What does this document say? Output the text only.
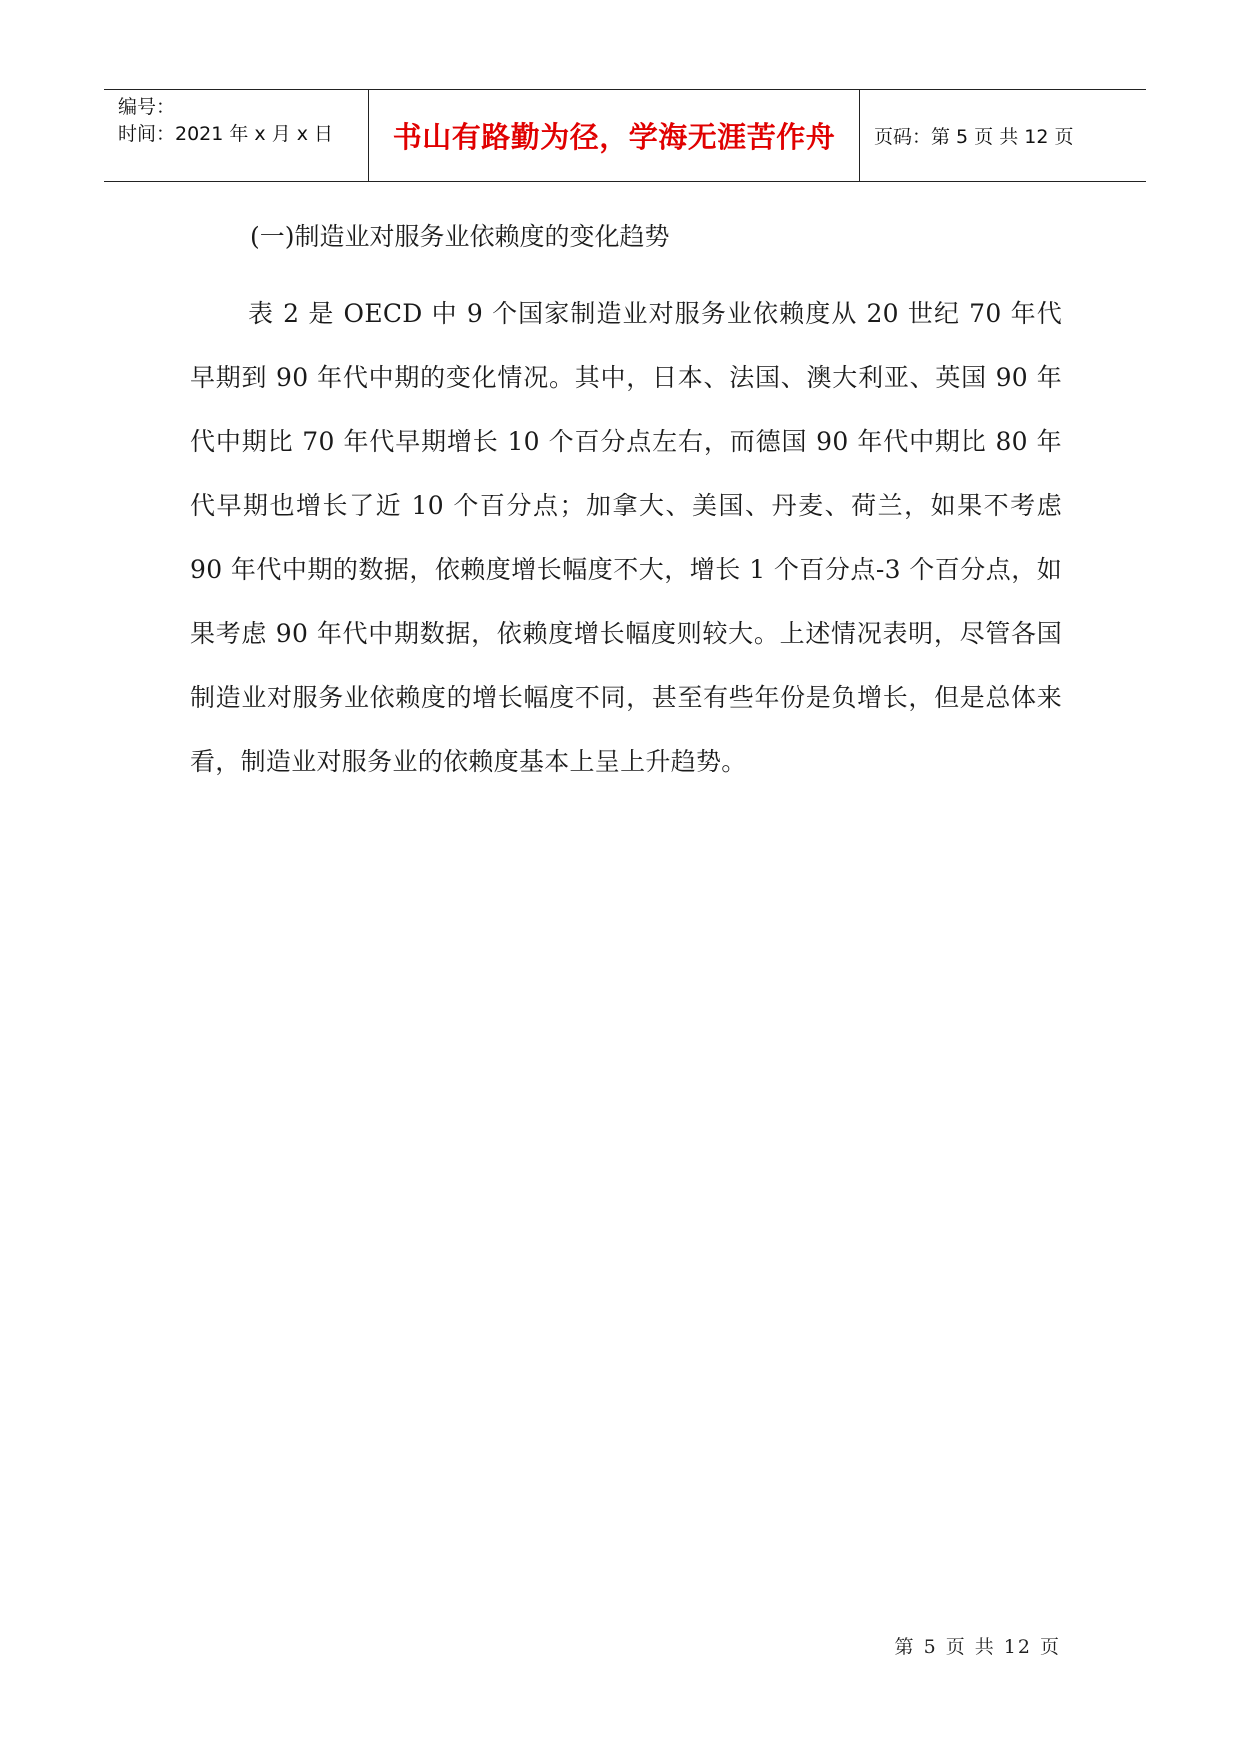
编号：
时间：2021 年 x 月 x 日	书山有路勤为径，学海无涯苦作舟 页码：第 5 页 共 12 页
(一)制造业对服务业依赖度的变化趋势

表 2 是 OECD 中 9 个国家制造业对服务业依赖度从 20 世纪 70 年代早期到 90 年代中期的变化情况。其中，日本、法国、澳大利亚、英国 90 年代中期比 70 年代早期增长 10 个百分点左右，而德国 90 年代中期比 80 年代早期也增长了近 10 个百分点；加拿大、美国、丹麦、荷兰，如果不考虑 90 年代中期的数据，依赖度增长幅度不大，增长 1 个百分点-3 个百分点，如果考虑 90 年代中期数据，依赖度增长幅度则较大。上述情况表明，尽管各国制造业对服务业依赖度的增长幅度不同，甚至有些年份是负增长，但是总体来看，制造业对服务业的依赖度基本上呈上升趋势。

第 5 页 共 12 页
